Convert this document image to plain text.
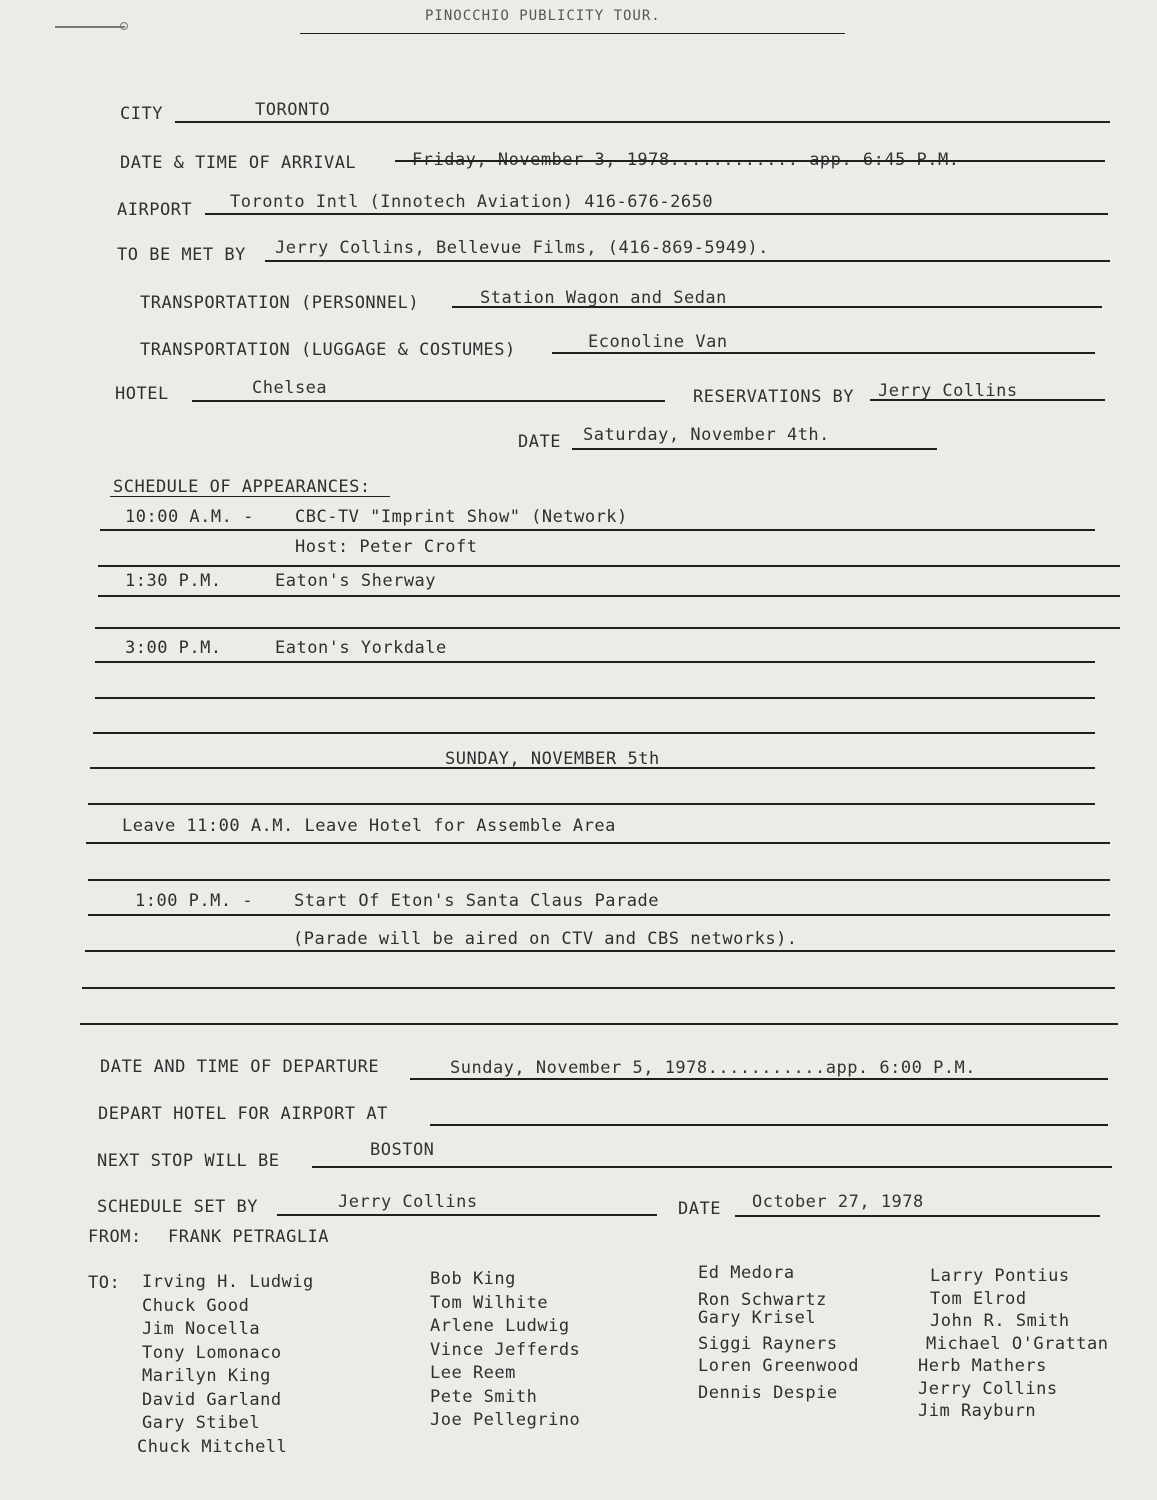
PINOCCHIO PUBLICITY TOUR.
CITY	TORONTO
DATE & TIME OF ARRIVAL	Friday, November 3, 1978............ app. 6:45 P.M.
AIRPORT Toronto Intl (Innotech Aviation) 416-676-2650
TO BE MET BY Jerry Collins, Bellevue Films, (416-869-5949).
TRANSPORTATION (PERSONNEL)	Station Wagon and Sedan
TRANSPORTATION (LUGGAGE & COSTUMES)	Econoline Van
HOTEL	Chelsea	RESERVATIONS BY Jerry Collins
DATE Saturday, November 4th.
SCHEDULE OF APPEARANCES:
10:00 A.M. - CBC-TV "Imprint Show" (Network)
Host: Peter Croft
1:30 P.M.	Eaton's Sherway
3:00 P.M.	Eaton's Yorkdale
SUNDAY, NOVEMBER 5th
Leave 11:00 A.M. Leave Hotel for Assemble Area
1:00 P.M. - Start Of Eton's Santa Claus Parade
(Parade will be aired on CTV and CBS networks).
DATE AND TIME OF DEPARTURE	Sunday, November 5, 1978...........app. 6:00 P.M.
DEPART HOTEL FOR AIRPORT AT
NEXT STOP WILL BE
BOSTON
SCHEDULE SET BY	Jerry Collins	DATE October 27, 1978
FROM: FRANK PETRAGLIA
TO: Irving H. Ludwig
Chuck Good
Jim Nocella
Tony Lomonaco
Marilyn King
David Garland
Gary Stibel
Chuck Mitchell
Bob King
Tom Wilhite
Arlene Ludwig
Vince Jefferds
Lee Reem
Pete Smith
Joe Pellegrino
Ed Medora
Ron Schwartz
Gary Krisel
Siggi Rayners
Loren Greenwood
Dennis Despie
Larry Pontius
Tom Elrod
John R. Smith
Michael O'Grattan
Herb Mathers
Jerry Collins
Jim Rayburn
